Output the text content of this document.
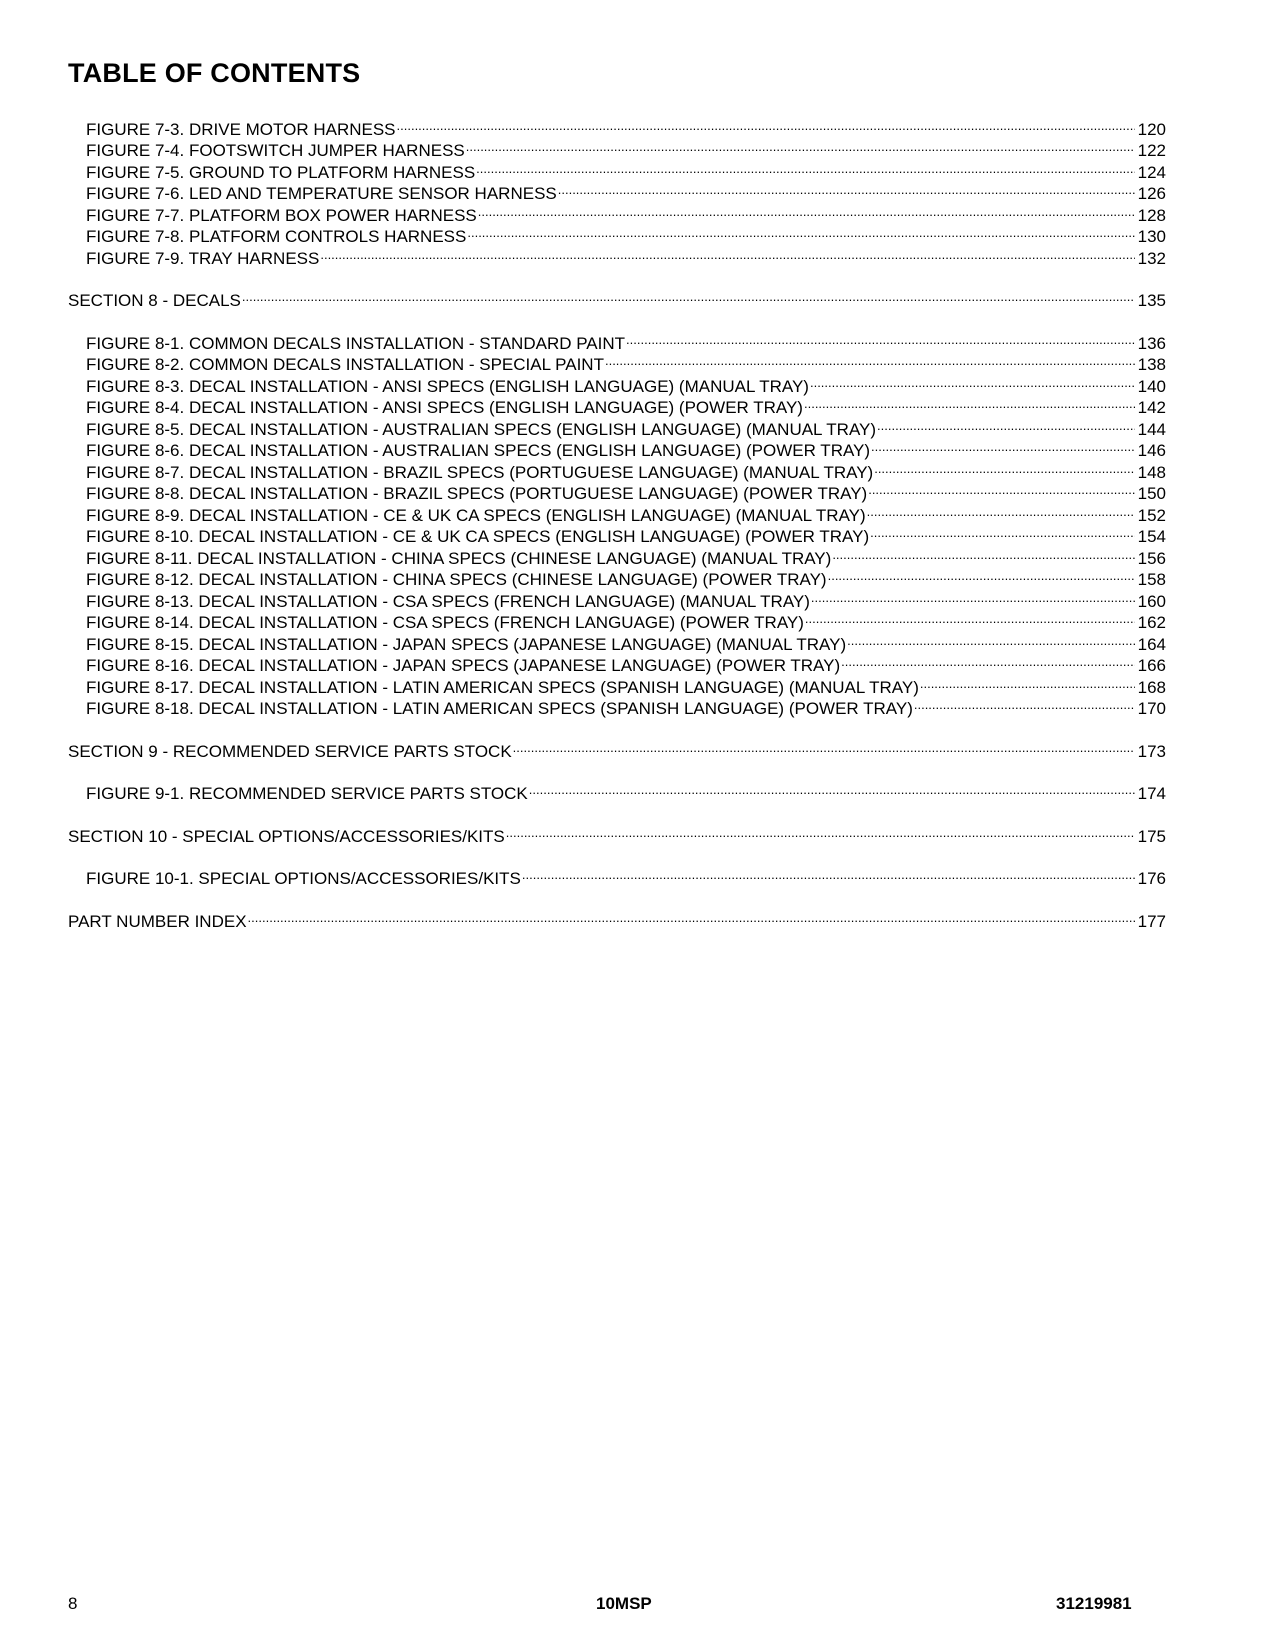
TABLE OF CONTENTS
FIGURE 7-3. DRIVE MOTOR HARNESS .....	120
FIGURE 7-4. FOOTSWITCH JUMPER HARNESS .....	122
FIGURE 7-5. GROUND TO PLATFORM HARNESS .....	124
FIGURE 7-6. LED AND TEMPERATURE SENSOR HARNESS .....	126
FIGURE 7-7. PLATFORM BOX POWER HARNESS .....	128
FIGURE 7-8. PLATFORM CONTROLS HARNESS .....	130
FIGURE 7-9. TRAY HARNESS .....	132
SECTION 8 - DECALS .....	135
FIGURE 8-1. COMMON DECALS INSTALLATION - STANDARD PAINT .....	136
FIGURE 8-2. COMMON DECALS INSTALLATION - SPECIAL PAINT .....	138
FIGURE 8-3. DECAL INSTALLATION - ANSI SPECS (ENGLISH LANGUAGE) (MANUAL TRAY) .....	140
FIGURE 8-4. DECAL INSTALLATION - ANSI SPECS (ENGLISH LANGUAGE) (POWER TRAY) .....	142
FIGURE 8-5. DECAL INSTALLATION - AUSTRALIAN SPECS (ENGLISH LANGUAGE) (MANUAL TRAY) .....	144
FIGURE 8-6. DECAL INSTALLATION - AUSTRALIAN SPECS (ENGLISH LANGUAGE) (POWER TRAY) .....	146
FIGURE 8-7. DECAL INSTALLATION - BRAZIL SPECS (PORTUGUESE LANGUAGE) (MANUAL TRAY) .....	148
FIGURE 8-8. DECAL INSTALLATION - BRAZIL SPECS (PORTUGUESE LANGUAGE) (POWER TRAY) .....	150
FIGURE 8-9. DECAL INSTALLATION - CE & UK CA SPECS (ENGLISH LANGUAGE) (MANUAL TRAY) .....	152
FIGURE 8-10. DECAL INSTALLATION - CE & UK CA SPECS (ENGLISH LANGUAGE) (POWER TRAY) .....	154
FIGURE 8-11. DECAL INSTALLATION - CHINA SPECS (CHINESE LANGUAGE) (MANUAL TRAY) .....	156
FIGURE 8-12. DECAL INSTALLATION - CHINA SPECS (CHINESE LANGUAGE) (POWER TRAY) .....	158
FIGURE 8-13. DECAL INSTALLATION - CSA SPECS (FRENCH LANGUAGE) (MANUAL TRAY) .....	160
FIGURE 8-14. DECAL INSTALLATION - CSA SPECS (FRENCH LANGUAGE) (POWER TRAY) .....	162
FIGURE 8-15. DECAL INSTALLATION - JAPAN SPECS (JAPANESE LANGUAGE) (MANUAL TRAY) .....	164
FIGURE 8-16. DECAL INSTALLATION - JAPAN SPECS (JAPANESE LANGUAGE) (POWER TRAY) .....	166
FIGURE 8-17. DECAL INSTALLATION - LATIN AMERICAN SPECS (SPANISH LANGUAGE) (MANUAL TRAY) .....	168
FIGURE 8-18. DECAL INSTALLATION - LATIN AMERICAN SPECS (SPANISH LANGUAGE) (POWER TRAY) .....	170
SECTION 9 - RECOMMENDED SERVICE PARTS STOCK .....	173
FIGURE 9-1. RECOMMENDED SERVICE PARTS STOCK .....	174
SECTION 10 - SPECIAL OPTIONS/ACCESSORIES/KITS .....	175
FIGURE 10-1. SPECIAL OPTIONS/ACCESSORIES/KITS .....	176
PART NUMBER INDEX .....	177
8	10MSP	31219981
